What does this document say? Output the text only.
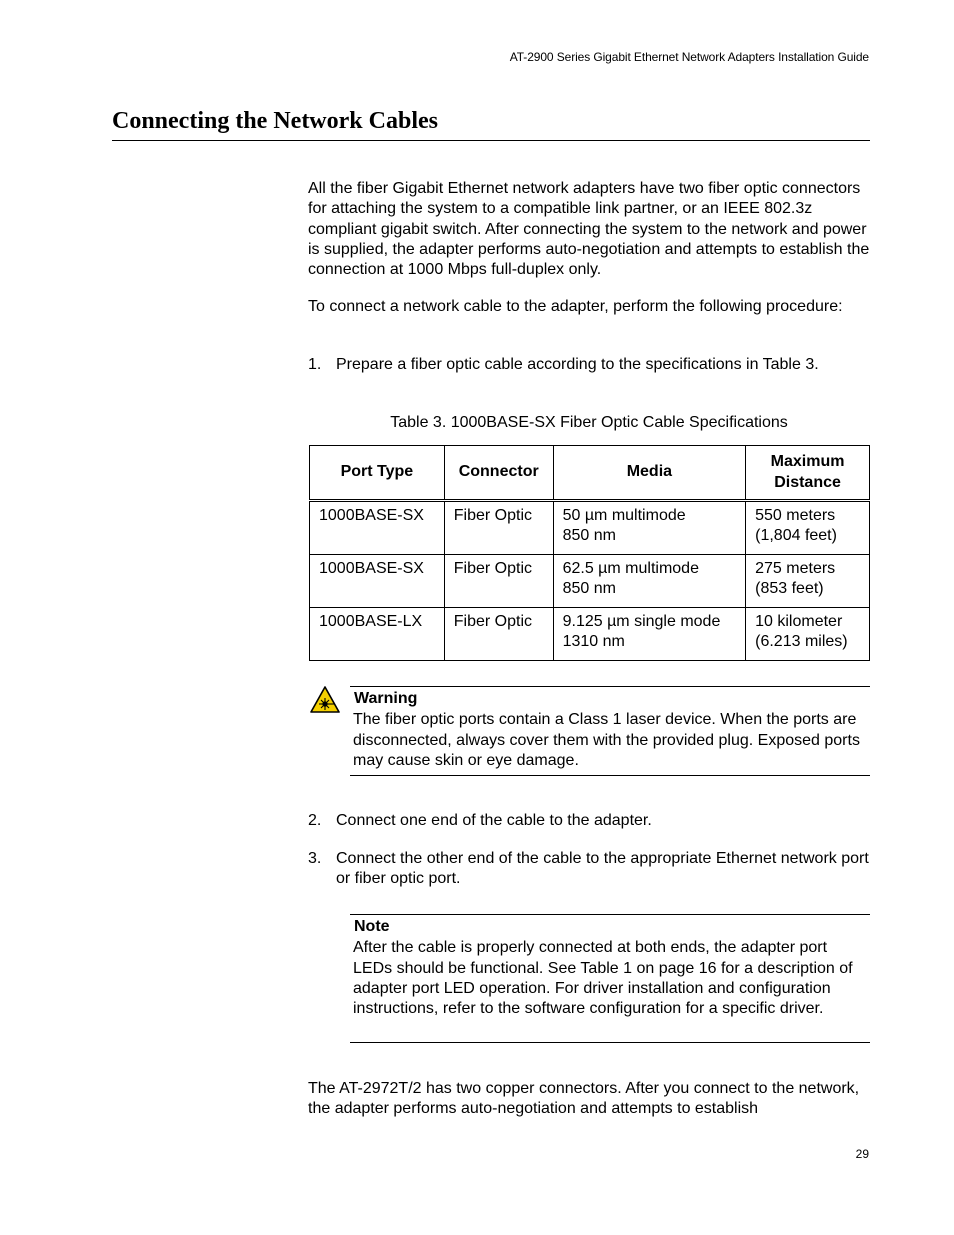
AT-2900 Series Gigabit Ethernet Network Adapters Installation Guide
Connecting the Network Cables

All the fiber Gigabit Ethernet network adapters have two fiber optic connectors for attaching the system to a compatible link partner, or an IEEE 802.3z compliant gigabit switch. After connecting the system to the network and power is supplied, the adapter performs auto-negotiation and attempts to establish the connection at 1000 Mbps full-duplex only.

To connect a network cable to the adapter, perform the following procedure:

1. Prepare a fiber optic cable according to the specifications in Table 3.
Table 3. 1000BASE-SX Fiber Optic Cable Specifications
Port Type	Connector	Media	Maximum Distance
1000BASE-SX	Fiber Optic	50 µm multimode 850 nm	550 meters (1,804 feet)
1000BASE-SX	Fiber Optic	62.5 µm multimode 850 nm	275 meters (853 feet)
1000BASE-LX	Fiber Optic	9.125 µm single mode 1310 nm	10 kilometer (6.213 miles)
Warning
The fiber optic ports contain a Class 1 laser device. When the ports are disconnected, always cover them with the provided plug. Exposed ports may cause skin or eye damage.
2. Connect one end of the cable to the adapter.
3. Connect the other end of the cable to the appropriate Ethernet network port or fiber optic port.
Note
After the cable is properly connected at both ends, the adapter port LEDs should be functional. See Table 1 on page 16 for a description of adapter port LED operation. For driver installation and configuration instructions, refer to the software configuration for a specific driver.

The AT-2972T/2 has two copper connectors. After you connect to the network, the adapter performs auto-negotiation and attempts to establish

29
